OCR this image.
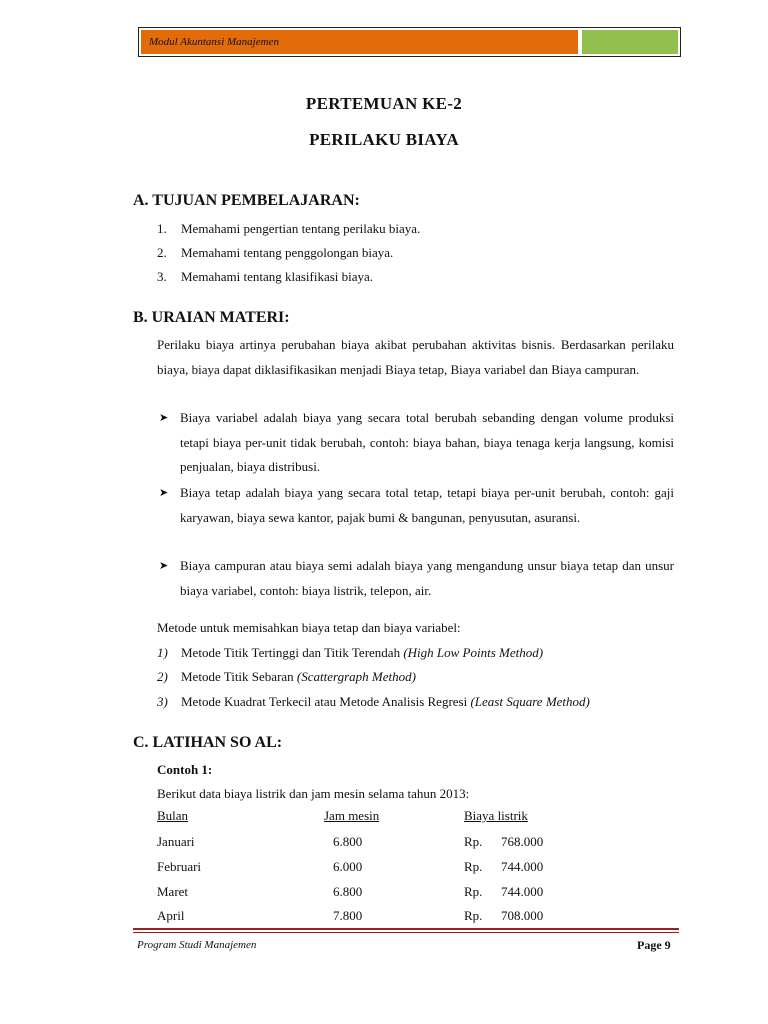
Modul Akuntansi Manajemen
PERTEMUAN KE-2
PERILAKU BIAYA
A. TUJUAN PEMBELAJARAN:
1. Memahami pengertian tentang perilaku biaya.
2. Memahami tentang penggolongan biaya.
3. Memahami tentang klasifikasi biaya.
B. URAIAN MATERI:
Perilaku biaya artinya perubahan biaya akibat perubahan aktivitas bisnis. Berdasarkan perilaku biaya, biaya dapat diklasifikasikan menjadi Biaya tetap, Biaya variabel dan Biaya campuran.
➤ Biaya variabel adalah biaya yang secara total berubah sebanding dengan volume produksi tetapi biaya per-unit tidak berubah, contoh: biaya bahan, biaya tenaga kerja langsung, komisi penjualan, biaya distribusi.
➤ Biaya tetap adalah biaya yang secara total tetap, tetapi biaya per-unit berubah, contoh: gaji karyawan, biaya sewa kantor, pajak bumi & bangunan, penyusutan, asuransi.
➤ Biaya campuran atau biaya semi adalah biaya yang mengandung unsur biaya tetap dan unsur biaya variabel, contoh: biaya listrik, telepon, air.
Metode untuk memisahkan biaya tetap dan biaya variabel:
1) Metode Titik Tertinggi dan Titik Terendah (High Low Points Method)
2) Metode Titik Sebaran (Scattergraph Method)
3) Metode Kuadrat Terkecil atau Metode Analisis Regresi (Least Square Method)
C. LATIHAN SO AL:
Contoh 1:
Berikut data biaya listrik dan jam mesin selama tahun 2013:
Bulan	Jam mesin	Biaya listrik
Januari	6.800	Rp. 768.000
Februari	6.000	Rp. 744.000
Maret	6.800	Rp. 744.000
April	7.800	Rp. 708.000
Program Studi Manajemen	Page 9
